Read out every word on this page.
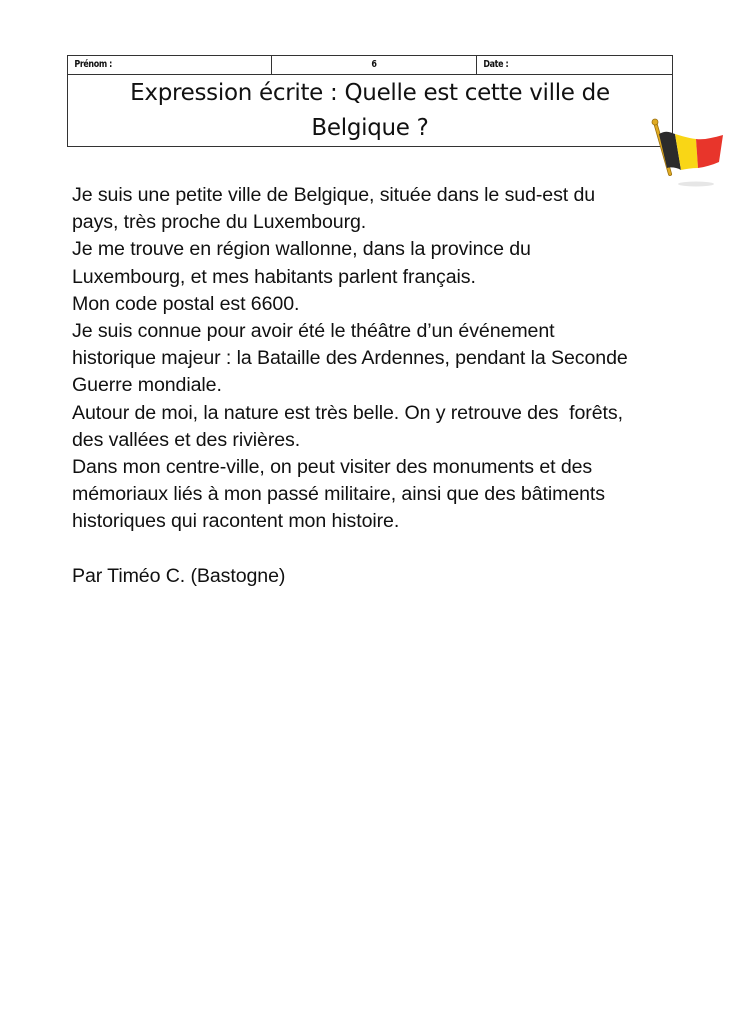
Prénom :	6	Date :
Expression écrite : Quelle est cette ville de Belgique ?

Je suis une petite ville de Belgique, située dans le sud-est du

pays, très proche du Luxembourg.

Je me trouve en région wallonne, dans la province du

Luxembourg, et mes habitants parlent français.

Mon code postal est 6600.

Je suis connue pour avoir été le théâtre d’un événement

historique majeur : la Bataille des Ardennes, pendant la Seconde

Guerre mondiale.

Autour de moi, la nature est très belle. On y retrouve des  forêts,

des vallées et des rivières.

Dans mon centre-ville, on peut visiter des monuments et des

mémoriaux liés à mon passé militaire, ainsi que des bâtiments

historiques qui racontent mon histoire.

Par Timéo C. (Bastogne)
